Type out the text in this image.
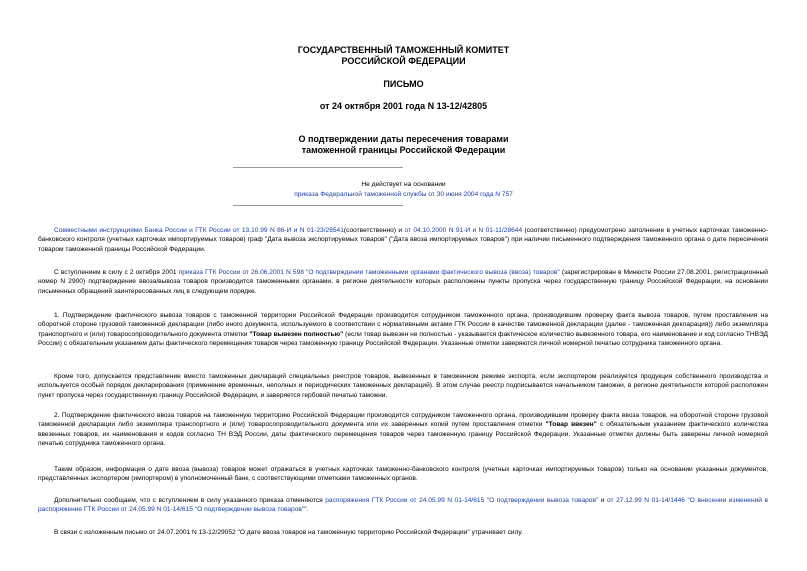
ГОСУДАРСТВЕННЫЙ ТАМОЖЕННЫЙ КОМИТЕТ
РОССИЙСКОЙ ФЕДЕРАЦИИ
ПИСЬМО
от 24 октября 2001 года N 13-12/42805
О подтверждении даты пересечения товарами
таможенной границы Российской Федерации
Не действует на основании
приказа Федеральной таможенной службы от 30 июня 2004 года N 757

Совместными инструкциями Банка России и ГТК России от 13.10.99 N 86-И и N 01-23/26541(соответственно) и от 04.10.2000 N 91-И и N 01-11/28644 (соответственно) предусмотрено заполнение в учетных карточках таможенно-банковского контроля (учетных карточках импортируемых товаров) граф "Дата вывоза экспортируемых товаров" ("Дата ввоза импортируемых товаров") при наличии письменного подтверждения таможенного органа о дате пересечения товаром таможенной границы Российской Федерации.

С вступлением в силу с 2 октября 2001 приказа ГТК России от 26.06.2001 N 598 "О подтверждении таможенными органами фактического вывоза (ввоза) товаров" (зарегистрирован в Минюсте России 27.08.2001, регистрационный номер N 2900) подтверждение ввоза/вывоза товаров производится таможенными органами, в регионе деятельности которых расположены пункты пропуска через государственную границу Российской Федерации, на основании письменных обращений заинтересованных лиц в следующем порядке.

1. Подтверждение фактического вывоза товаров с таможенной территории Российской Федерации производится сотрудником таможенного органа, производившим проверку факта вывоза товаров, путем проставления на оборотной стороне грузовой таможенной декларации (либо иного документа, используемого в соответствии с нормативными актами ГТК России в качестве таможенной декларации (далее - таможенная декларация)) либо экземпляра транспортного и (или) товаросопроводительного документа отметки "Товар вывезен полностью" (если товар вывезен не полностью - указывается фактическое количество вывезенного товара, его наименование и код согласно ТНВЭД России) с обязательным указанием даты фактического перемещения товаров через таможенную границу Российской Федерации. Указанные отметки заверяются личной номерной печатью сотрудника таможенного органа.

Кроме того, допускается представление вместо таможенных деклараций специальных реестров товаров, вывезенных в таможенном режиме экспорта, если экспортером реализуется продукция собственного производства и используется особый порядок декларирования (применение временных, неполных и периодических таможенных деклараций). В этом случае реестр подписывается начальником таможни, в регионе деятельности которой расположен пункт пропуска через государственную границу Российской Федерации, и заверяется гербовой печатью таможни.

2. Подтверждение фактического ввоза товаров на таможенную территорию Российской Федерации производится сотрудником таможенного органа, производившим проверку факта ввоза товаров, на оборотной стороне грузовой таможенной декларации либо экземпляра транспортного и (или) товаросопроводительного документа или их заверенных копий путем проставления отметки "Товар ввезен" с обязательным указанием фактического количества ввезенных товаров, их наименования и кодов согласно ТН ВЭД России, даты фактического перемещения товаров через таможенную границу Российской Федерации. Указанные отметки должны быть заверены личной номерной печатью сотрудника таможенного органа.

Таким образом, информация о дате ввоза (вывоза) товаров может отражаться в учетных карточках таможенно-банковского контроля (учетных карточках импортируемых товаров) только на основании указанных документов, представленных экспортером (импортером) в уполномоченный банк, с соответствующими отметками таможенных органов.

Дополнительно сообщаем, что с вступлением в силу указанного приказа отменяются распоряжения ГТК России от 24.05.99 N 01-14/615 "О подтверждении вывоза товаров" и от 27.12.99 N 01-14/1446 "О внесении изменений в распоряжение ГТК России от 24.05.99 N 01-14/615 "О подтверждении вывоза товаров"".

В связи с изложенным письмо от 24.07.2001 N 13-12/29052 "О дате ввоза товаров на таможенную территорию Российской Федерации" утрачивает силу.
